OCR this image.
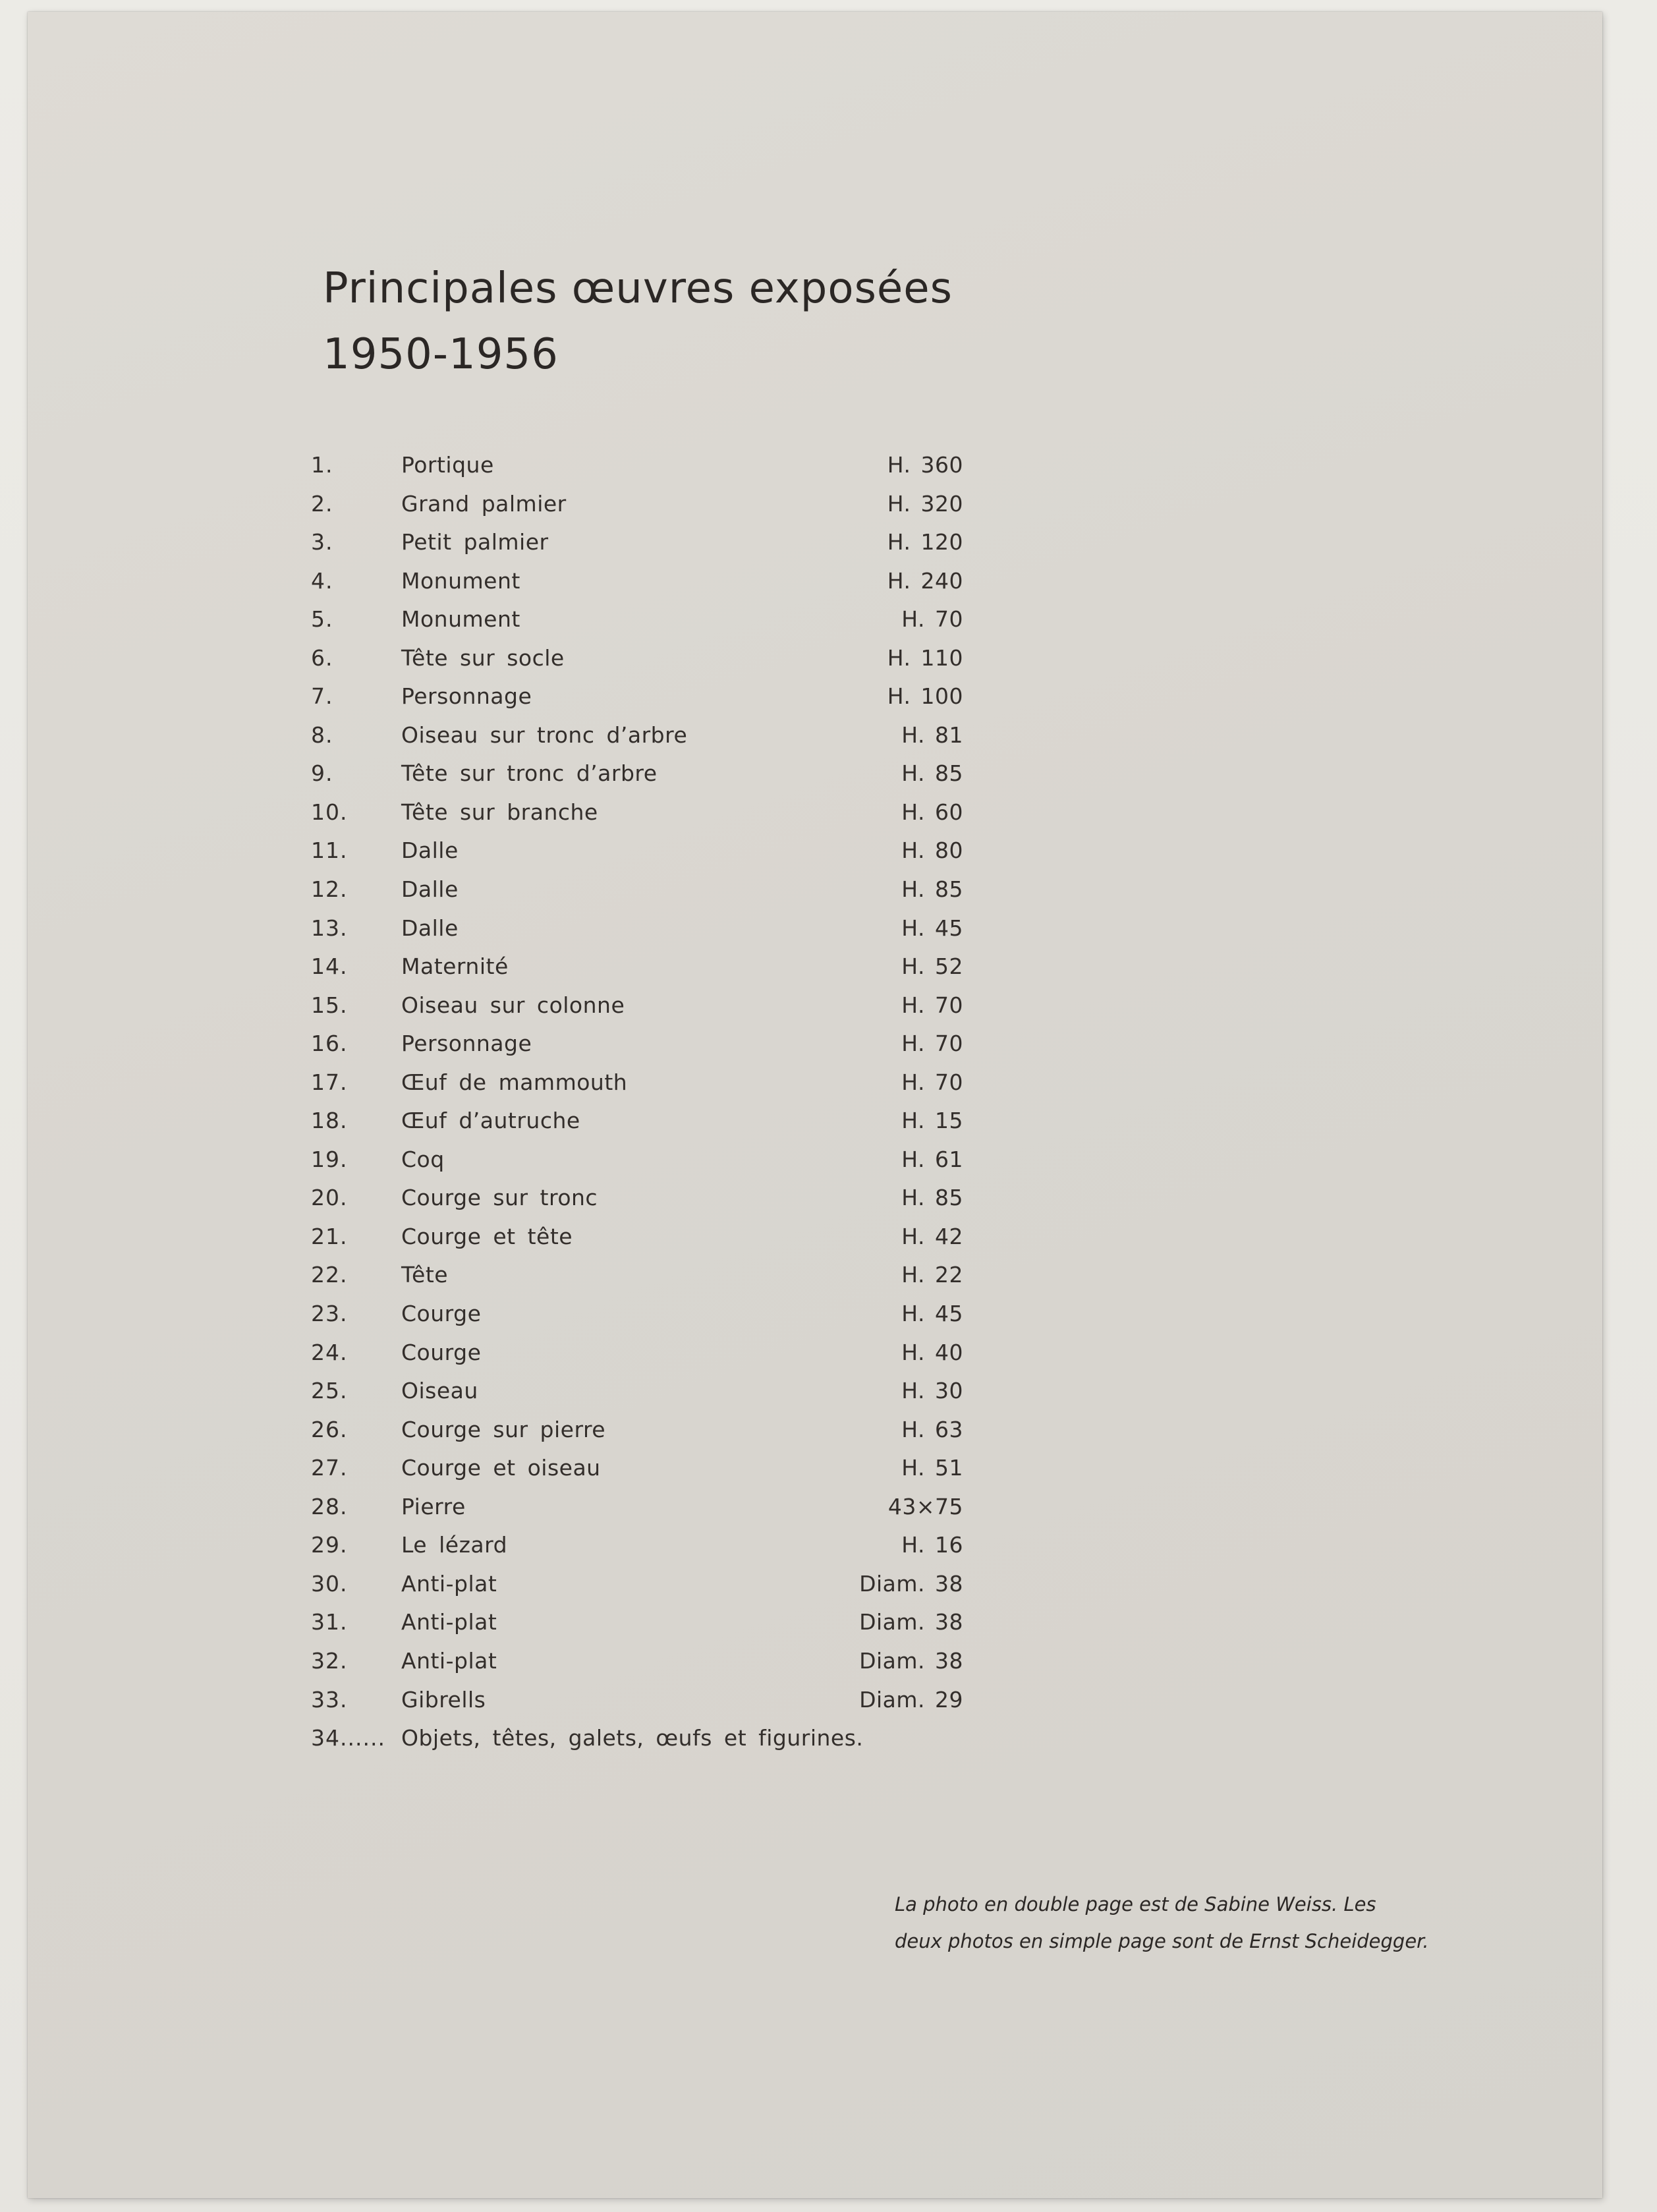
Principales œuvres exposées
1950-1956
1.	Portique	H. 360
2.	Grand palmier	H. 320
3.	Petit palmier	H. 120
4.	Monument	H. 240
5.	Monument	H. 70
6.	Tête sur socle	H. 110
7.	Personnage	H. 100
8.	Oiseau sur tronc d’arbre	H. 81
9.	Tête sur tronc d’arbre	H. 85
10.	Tête sur branche	H. 60
11.	Dalle	H. 80
12.	Dalle	H. 85
13.	Dalle	H. 45
14.	Maternité	H. 52
15.	Oiseau sur colonne	H. 70
16.	Personnage	H. 70
17.	Œuf de mammouth	H. 70
18.	Œuf d’autruche	H. 15
19.	Coq	H. 61
20.	Courge sur tronc	H. 85
21.	Courge et tête	H. 42
22.	Tête	H. 22
23.	Courge	H. 45
24.	Courge	H. 40
25.	Oiseau	H. 30
26.	Courge sur pierre	H. 63
27.	Courge et oiseau	H. 51
28.	Pierre	43×75
29.	Le lézard	H. 16
30.	Anti-plat	Diam. 38
31.	Anti-plat	Diam. 38
32.	Anti-plat	Diam. 38
33.	Gibrells	Diam. 29
34...... Objets, têtes, galets, œufs et figurines.

La photo en double page est de Sabine Weiss. Les
deux photos en simple page sont de Ernst Scheidegger.
